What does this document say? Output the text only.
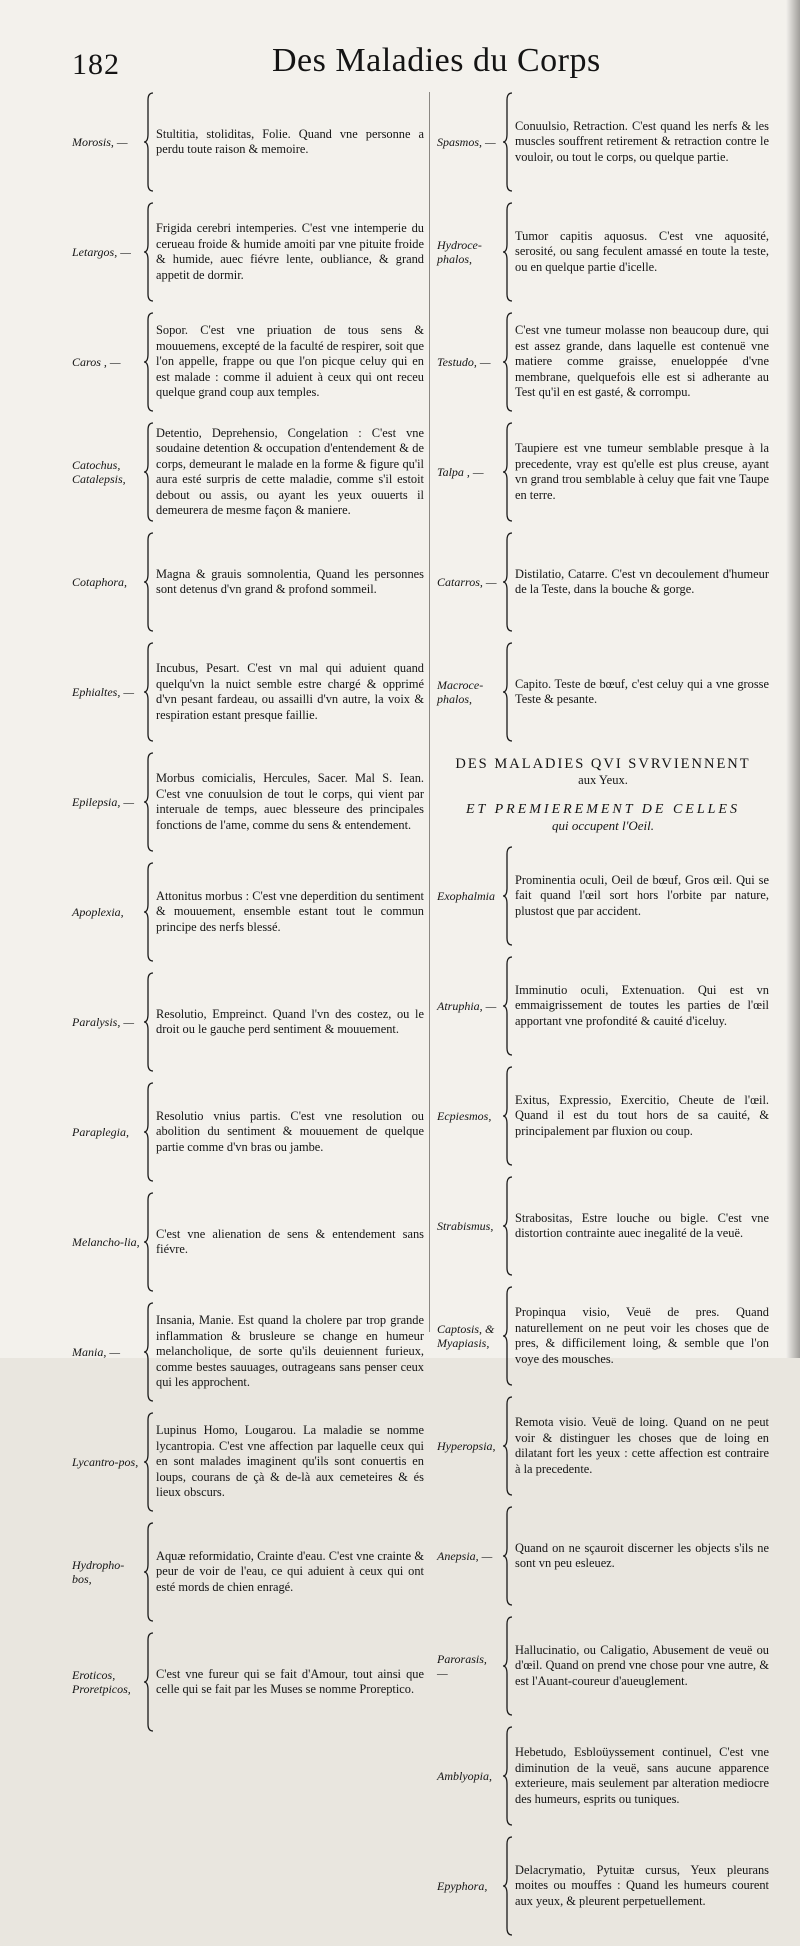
182	Des Maladies du Corps
Morosis, —
Stultitia, stoliditas, Folie. Quand vne personne a perdu toute raison & memoire.
Letargos, —
Frigida cerebri intemperies. C'est vne intemperie du cerueau froide & humide amoiti par vne pituite froide & humide, auec fiévre lente, oubliance, & grand appetit de dormir.
Caros , —
Sopor. C'est vne priuation de tous sens & mouuemens, excepté de la faculté de respirer, soit que l'on appelle, frappe ou que l'on picque celuy qui en est malade : comme il aduient à ceux qui ont receu quelque grand coup aux temples.
Catochus, Catalepsis,
Detentio, Deprehensio, Congelation : C'est vne soudaine detention & occupation d'entendement & de corps, demeurant le malade en la forme & figure qu'il aura esté surpris de cette maladie, comme s'il estoit debout ou assis, ou ayant les yeux ouuerts il demeurera de mesme façon & maniere.
Cotaphora,
Magna & grauis somnolentia, Quand les personnes sont detenus d'vn grand & profond sommeil.
Ephialtes, —
Incubus, Pesart. C'est vn mal qui aduient quand quelqu'vn la nuict semble estre chargé & opprimé d'vn pesant fardeau, ou assailli d'vn autre, la voix & respiration estant presque faillie.
Epilepsia, —
Morbus comicialis, Hercules, Sacer. Mal S. Iean. C'est vne conuulsion de tout le corps, qui vient par interuale de temps, auec blesseure des principales fonctions de l'ame, comme du sens & entendement.
Apoplexia,
Attonitus morbus : C'est vne deperdition du sentiment & mouuement, ensemble estant tout le commun principe des nerfs blessé.
Paralysis, —
Resolutio, Empreinct. Quand l'vn des costez, ou le droit ou le gauche perd sentiment & mouuement.
Paraplegia,
Resolutio vnius partis. C'est vne resolution ou abolition du sentiment & mouuement de quelque partie comme d'vn bras ou jambe.
Melancho-lia,
C'est vne alienation de sens & entendement sans fiévre.
Mania, —
Insania, Manie. Est quand la cholere par trop grande inflammation & brusleure se change en humeur melancholique, de sorte qu'ils deuiennent furieux, comme bestes sauuages, outrageans sans penser ceux qui les approchent.
Lycantro-pos,
Lupinus Homo, Lougarou. La maladie se nomme lycantropia. C'est vne affection par laquelle ceux qui en sont malades imaginent qu'ils sont conuertis en loups, courans de çà & de-là aux cemeteires & és lieux obscurs.
Hydropho-bos,
Aquæ reformidatio, Crainte d'eau. C'est vne crainte & peur de voir de l'eau, ce qui aduient à ceux qui ont esté mords de chien enragé.
Eroticos, Proretpicos,
C'est vne fureur qui se fait d'Amour, tout ainsi que celle qui se fait par les Muses se nomme Proreptico.
Spasmos, —
Conuulsio, Retraction. C'est quand les nerfs & les muscles souffrent retirement & retraction contre le vouloir, ou tout le corps, ou quelque partie.
Hydroce-phalos,
Tumor capitis aquosus. C'est vne aquosité, serosité, ou sang feculent amassé en toute la teste, ou en quelque partie d'icelle.
Testudo, —
C'est vne tumeur molasse non beaucoup dure, qui est assez grande, dans laquelle est contenuë vne matiere comme graisse, enueloppée d'vne membrane, quelquefois elle est si adherante au Test qu'il en est gasté, & corrompu.
Talpa , —
Taupiere est vne tumeur semblable presque à la precedente, vray est qu'elle est plus creuse, ayant vn grand trou semblable à celuy que fait vne Taupe en terre.
Catarros, —
Distilatio, Catarre. C'est vn decoulement d'humeur de la Teste, dans la bouche & gorge.
Macroce-phalos,
Capito. Teste de bœuf, c'est celuy qui a vne grosse Teste & pesante.
DES MALADIES QVI SVRVIENNENT
aux Yeux.
ET PREMIEREMENT DE CELLES
qui occupent l'Oeil.
Exophalmia
Prominentia oculi, Oeil de bœuf, Gros œil. Qui se fait quand l'œil sort hors l'orbite par nature, plustost que par accident.
Atruphia, —
Imminutio oculi, Extenuation. Qui est vn emmaigrissement de toutes les parties de l'œil apportant vne profondité & cauité d'iceluy.
Ecpiesmos,
Exitus, Expressio, Exercitio, Cheute de l'œil. Quand il est du tout hors de sa cauité, & principalement par fluxion ou coup.
Strabismus,
Strabositas, Estre louche ou bigle. C'est vne distortion contrainte auec inegalité de la veuë.
Captosis, & Myapiasis,
Propinqua visio, Veuë de pres. Quand naturellement on ne peut voir les choses que de pres, & difficilement loing, & semble que l'on voye des mousches.
Hyperopsia,
Remota visio. Veuë de loing. Quand on ne peut voir & distinguer les choses que de loing en dilatant fort les yeux : cette affection est contraire à la precedente.
Anepsia, —
Quand on ne sçauroit discerner les objects s'ils ne sont vn peu esleuez.
Parorasis, —
Hallucinatio, ou Caligatio, Abusement de veuë ou d'œil. Quand on prend vne chose pour vne autre, & est l'Auant-coureur d'aueuglement.
Amblyopia,
Hebetudo, Esbloüyssement continuel, C'est vne diminution de la veuë, sans aucune apparence exterieure, mais seulement par alteration mediocre des humeurs, esprits ou tuniques.
Epyphora,
Delacrymatio, Pytuitæ cursus, Yeux pleurans moites ou mouffes : Quand les humeurs courent aux yeux, & pleurent perpetuellement.
